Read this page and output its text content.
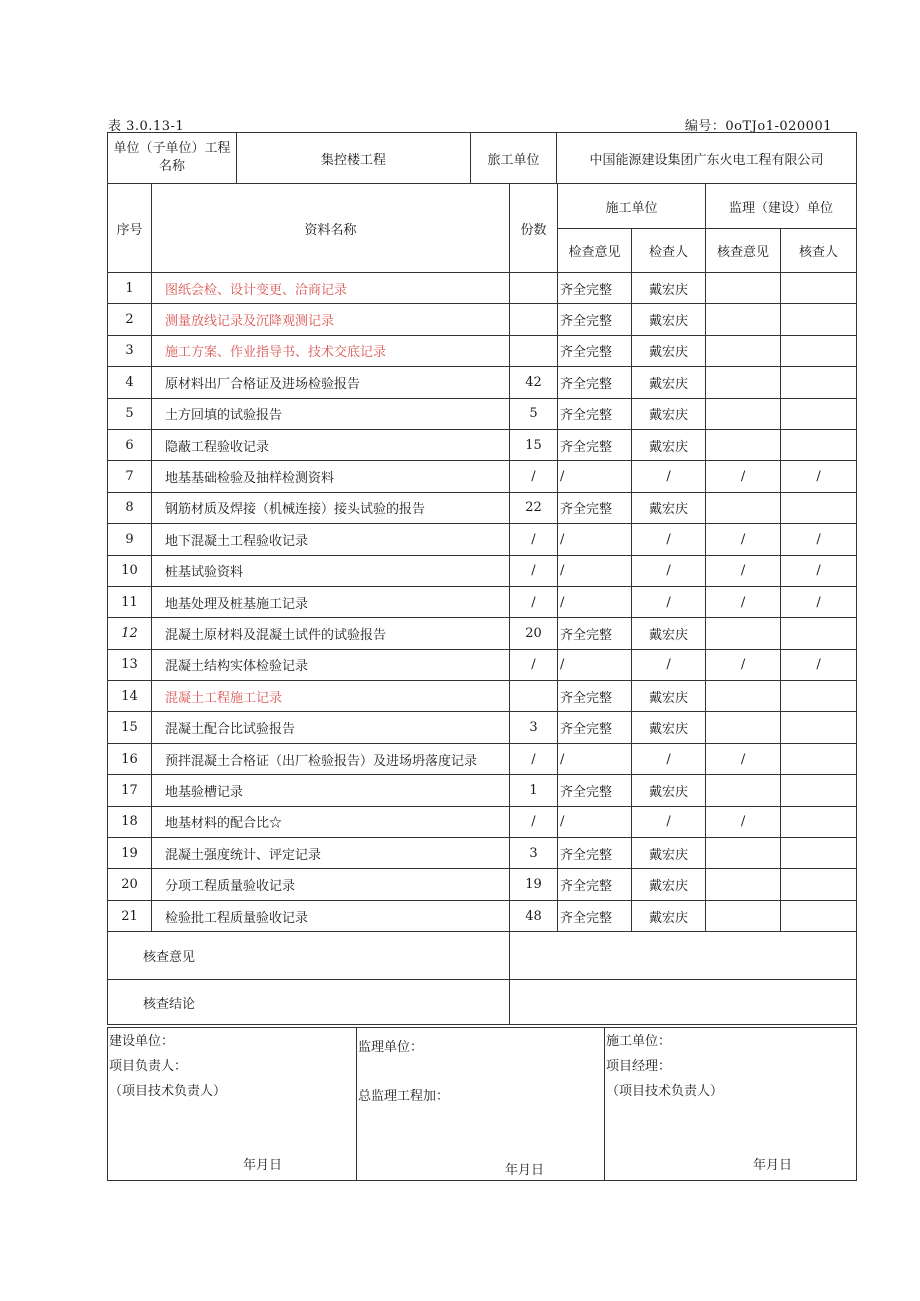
表 3.0.13-1	编号：0oTJo1-020001
单位（子单位）工程名称	集控楼工程	旅工单位	中国能源建设集团广东火电工程有限公司
序号	资料名称	份数	施工单位		监理（建设）单位	
			检查意见	检查人	核查意见	核查人
1	图纸会检、设计变更、洽商记录		齐全完整	戴宏庆		
2	测量放线记录及沉降观测记录		齐全完整	戴宏庆		
3	施工方案、作业指导书、技术交底记录		齐全完整	戴宏庆		
4	原材料出厂合格证及进场检验报告	42	齐全完整	戴宏庆		
5	土方回填的试验报告	5	齐全完整	戴宏庆		
6	隐蔽工程验收记录	15	齐全完整	戴宏庆		
7	地基基础检验及抽样检测资料	/	/	/	/	/
8	钢筋材质及焊接（机械连接）接头试验的报告	22	齐全完整	戴宏庆		
9	地下混凝土工程验收记录	/	/	/	/	/
10	桩基试验资料	/	/	/	/	/
11	地基处理及桩基施工记录	/	/	/	/	/
12	混凝土原材料及混凝土试件的试验报告	20	齐全完整	戴宏庆		
13	混凝土结构实体检验记录	/	/	/	/	/
14	混凝土工程施工记录		齐全完整	戴宏庆		
15	混凝土配合比试验报告	3	齐全完整	戴宏庆		
16	预拌混凝土合格证（出厂检验报告）及进场坍落度记录	/	/	/	/	
17	地基验槽记录	1	齐全完整	戴宏庆		
18	地基材料的配合比☆	/	/	/	/	
19	混凝土强度统计、评定记录	3	齐全完整	戴宏庆		
20	分项工程质量验收记录	19	齐全完整	戴宏庆		
21	检验批工程质量验收记录	48	齐全完整	戴宏庆		
核查意见						
核查结论						
建设单位：
项目负责人：
（项目技术负责人）
年月日

监理单位：
总监理工程加：
年月日

施工单位：
项目经理：
（项目技术负责人）
年月日
